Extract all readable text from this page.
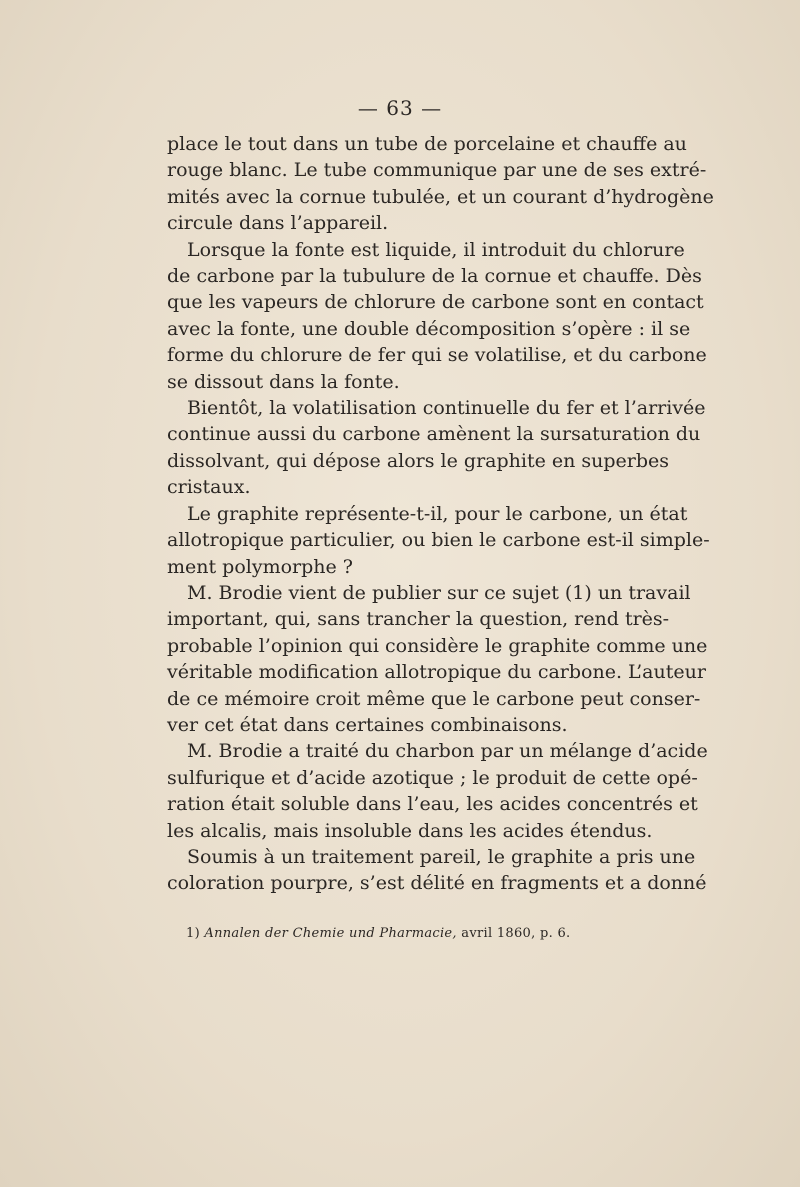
— 63 —
place le tout dans un tube de porcelaine et chauffe au
rouge blanc. Le tube communique par une de ses extré-
mités avec la cornue tubulée, et un courant d’hydrogène
circule dans l’appareil.
Lorsque la fonte est liquide, il introduit du chlorure
de carbone par la tubulure de la cornue et chauffe. Dès
que les vapeurs de chlorure de carbone sont en contact
avec la fonte, une double décomposition s’opère : il se
forme du chlorure de fer qui se volatilise, et du carbone
se dissout dans la fonte.
Bientôt, la volatilisation continuelle du fer et l’arrivée
continue aussi du carbone amènent la sursaturation du
dissolvant, qui dépose alors le graphite en superbes
cristaux.
Le graphite représente-t-il, pour le carbone, un état
allotropique particulier, ou bien le carbone est-il simple-
ment polymorphe ?
M. Brodie vient de publier sur ce sujet (1) un travail
important, qui, sans trancher la question, rend très-
probable l’opinion qui considère le graphite comme une
véritable modification allotropique du carbone. L’auteur
de ce mémoire croit même que le carbone peut conser-
ver cet état dans certaines combinaisons.
M. Brodie a traité du charbon par un mélange d’acide
sulfurique et d’acide azotique ; le produit de cette opé-
ration était soluble dans l’eau, les acides concentrés et
les alcalis, mais insoluble dans les acides étendus.
Soumis à un traitement pareil, le graphite a pris une
coloration pourpre, s’est délité en fragments et a donné
1) Annalen der Chemie und Pharmacie, avril 1860, p. 6.
